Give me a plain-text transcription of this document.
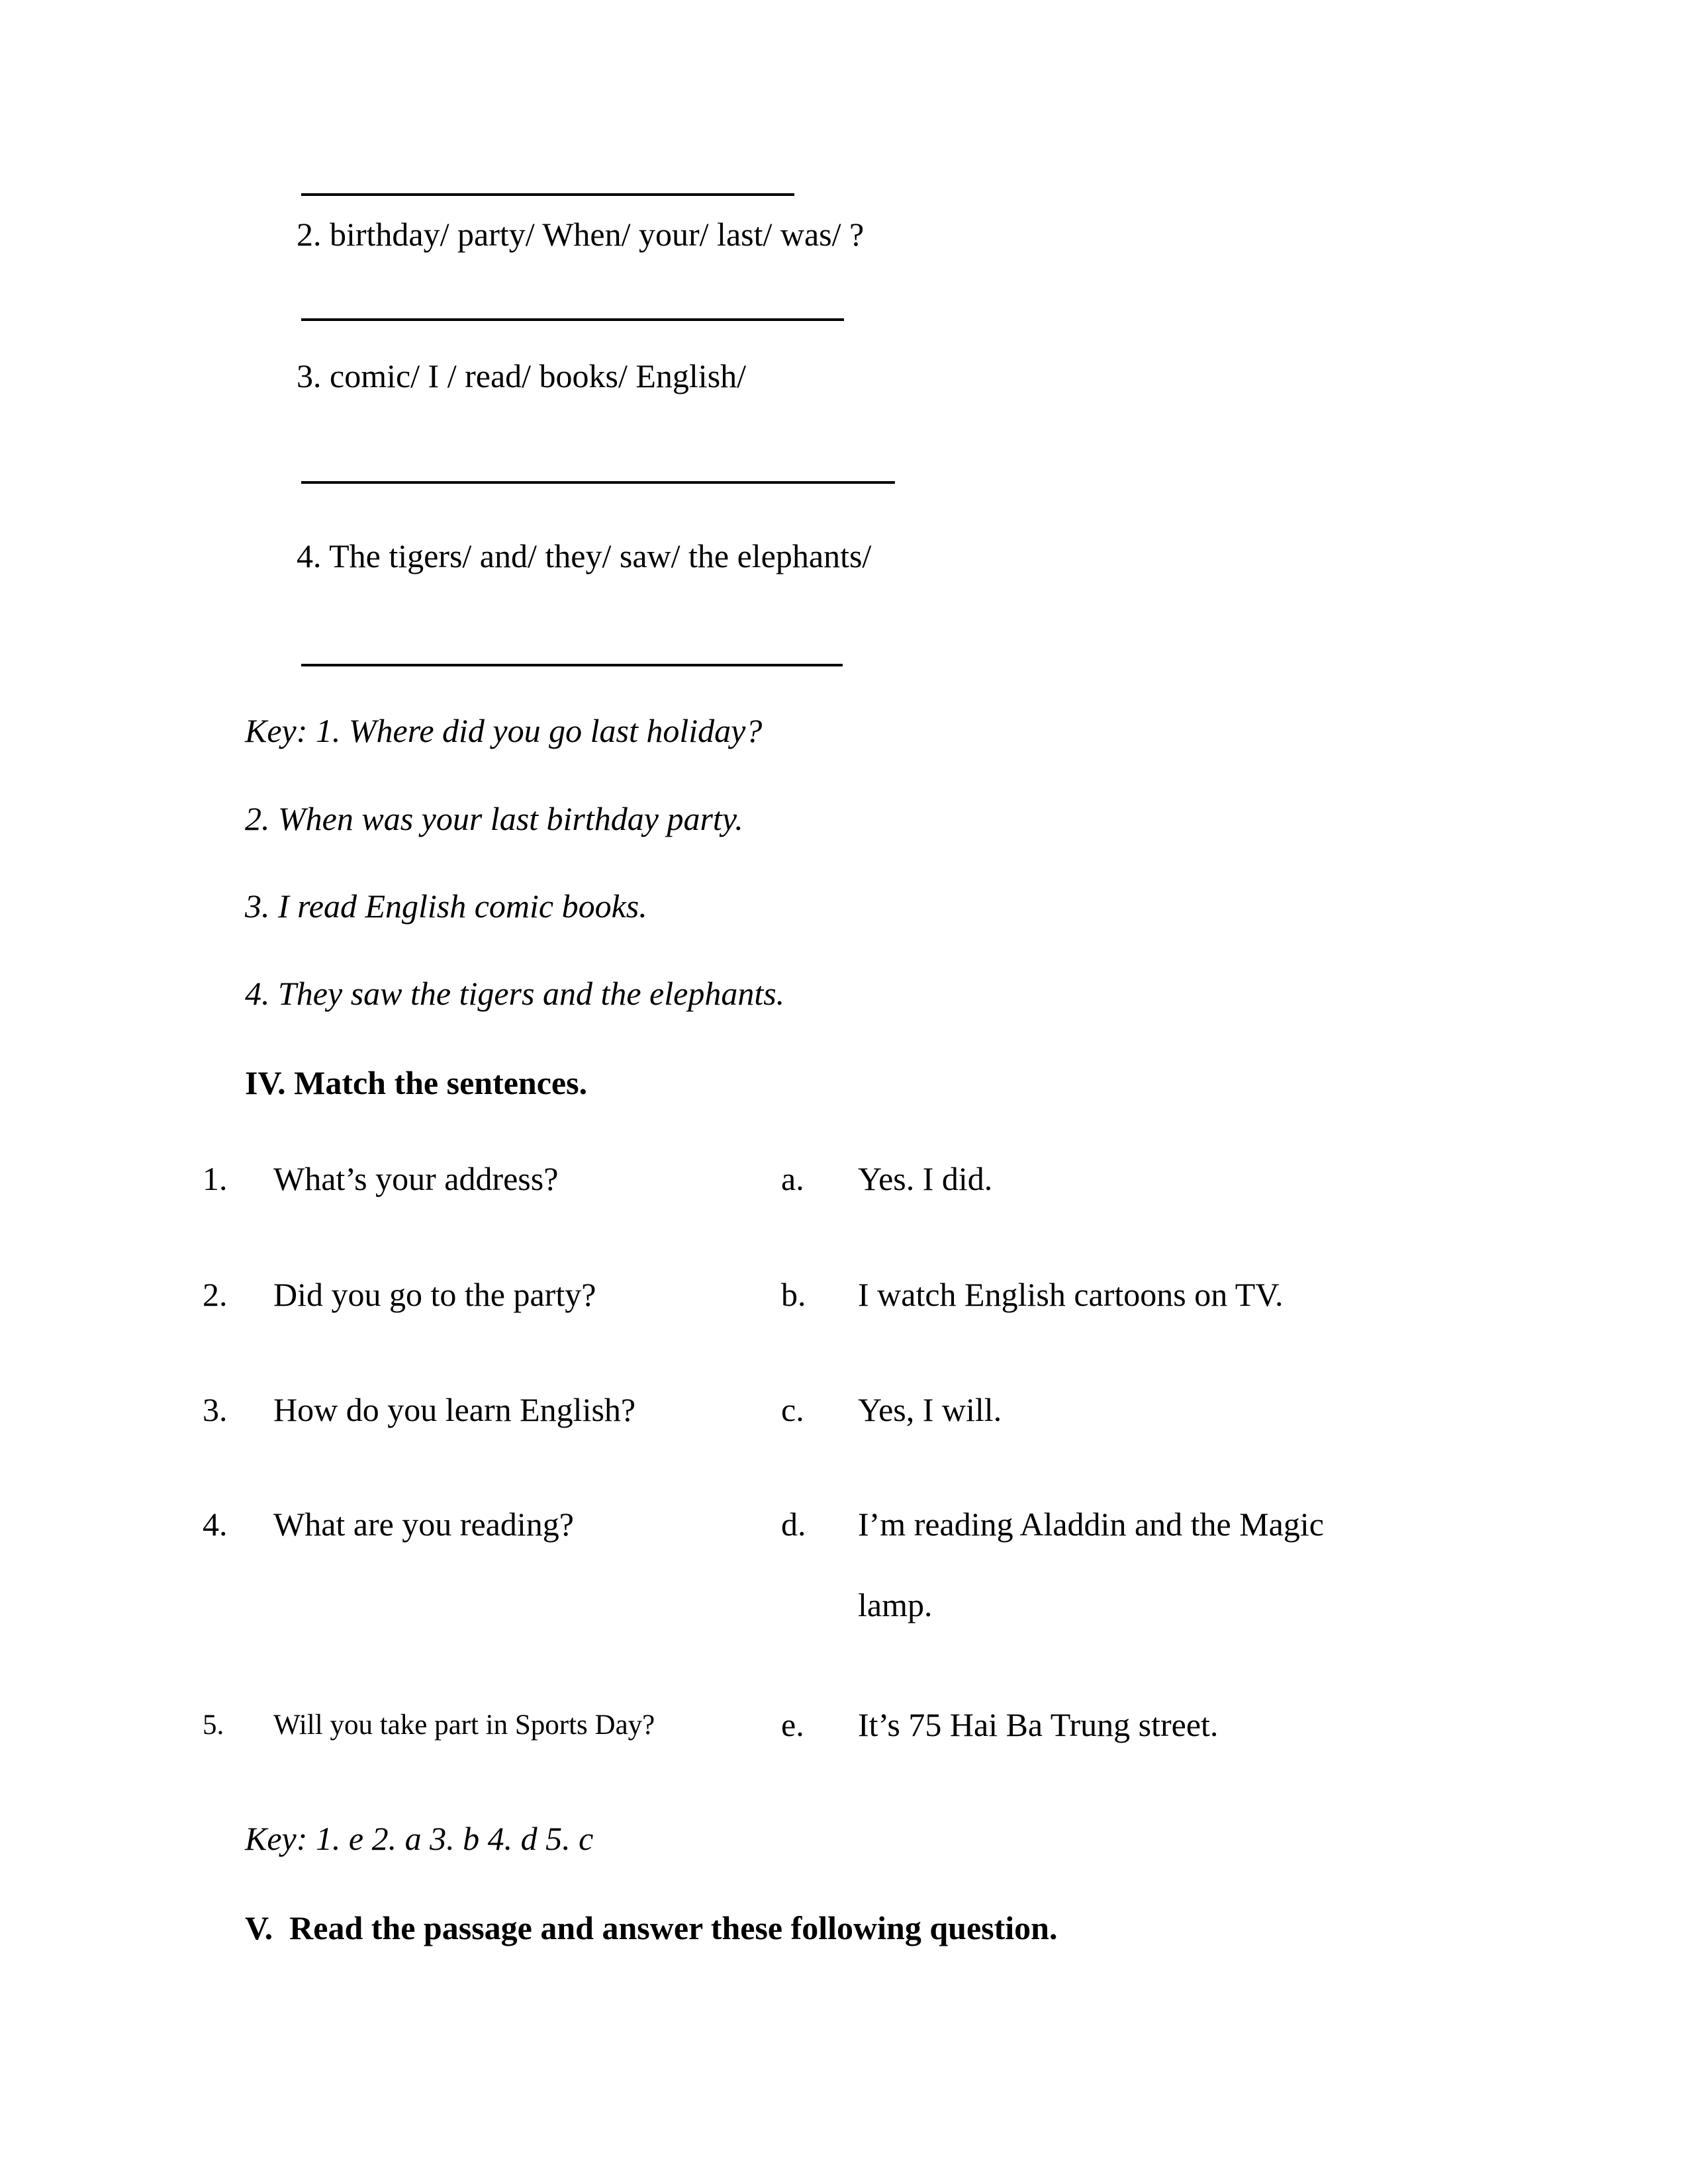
2. birthday/ party/ When/ your/ last/ was/ ?
3. comic/ I / read/ books/ English/
4. The tigers/ and/ they/ saw/ the elephants/
Key: 1. Where did you go last holiday?
2. When was your last birthday party.
3. I read English comic books.
4. They saw the tigers and the elephants.
IV. Match the sentences.
1. What’s your address?	a. Yes. I did.
2. Did you go to the party?	b. I watch English cartoons on TV.
3. How do you learn English?	c. Yes, I will.
4. What are you reading?	d. I’m reading Aladdin and the Magic
lamp.
5. Will you take part in Sports Day?	e. It’s 75 Hai Ba Trung street.
Key: 1. e 2. a 3. b 4. d 5. c
V.  Read the passage and answer these following question.
